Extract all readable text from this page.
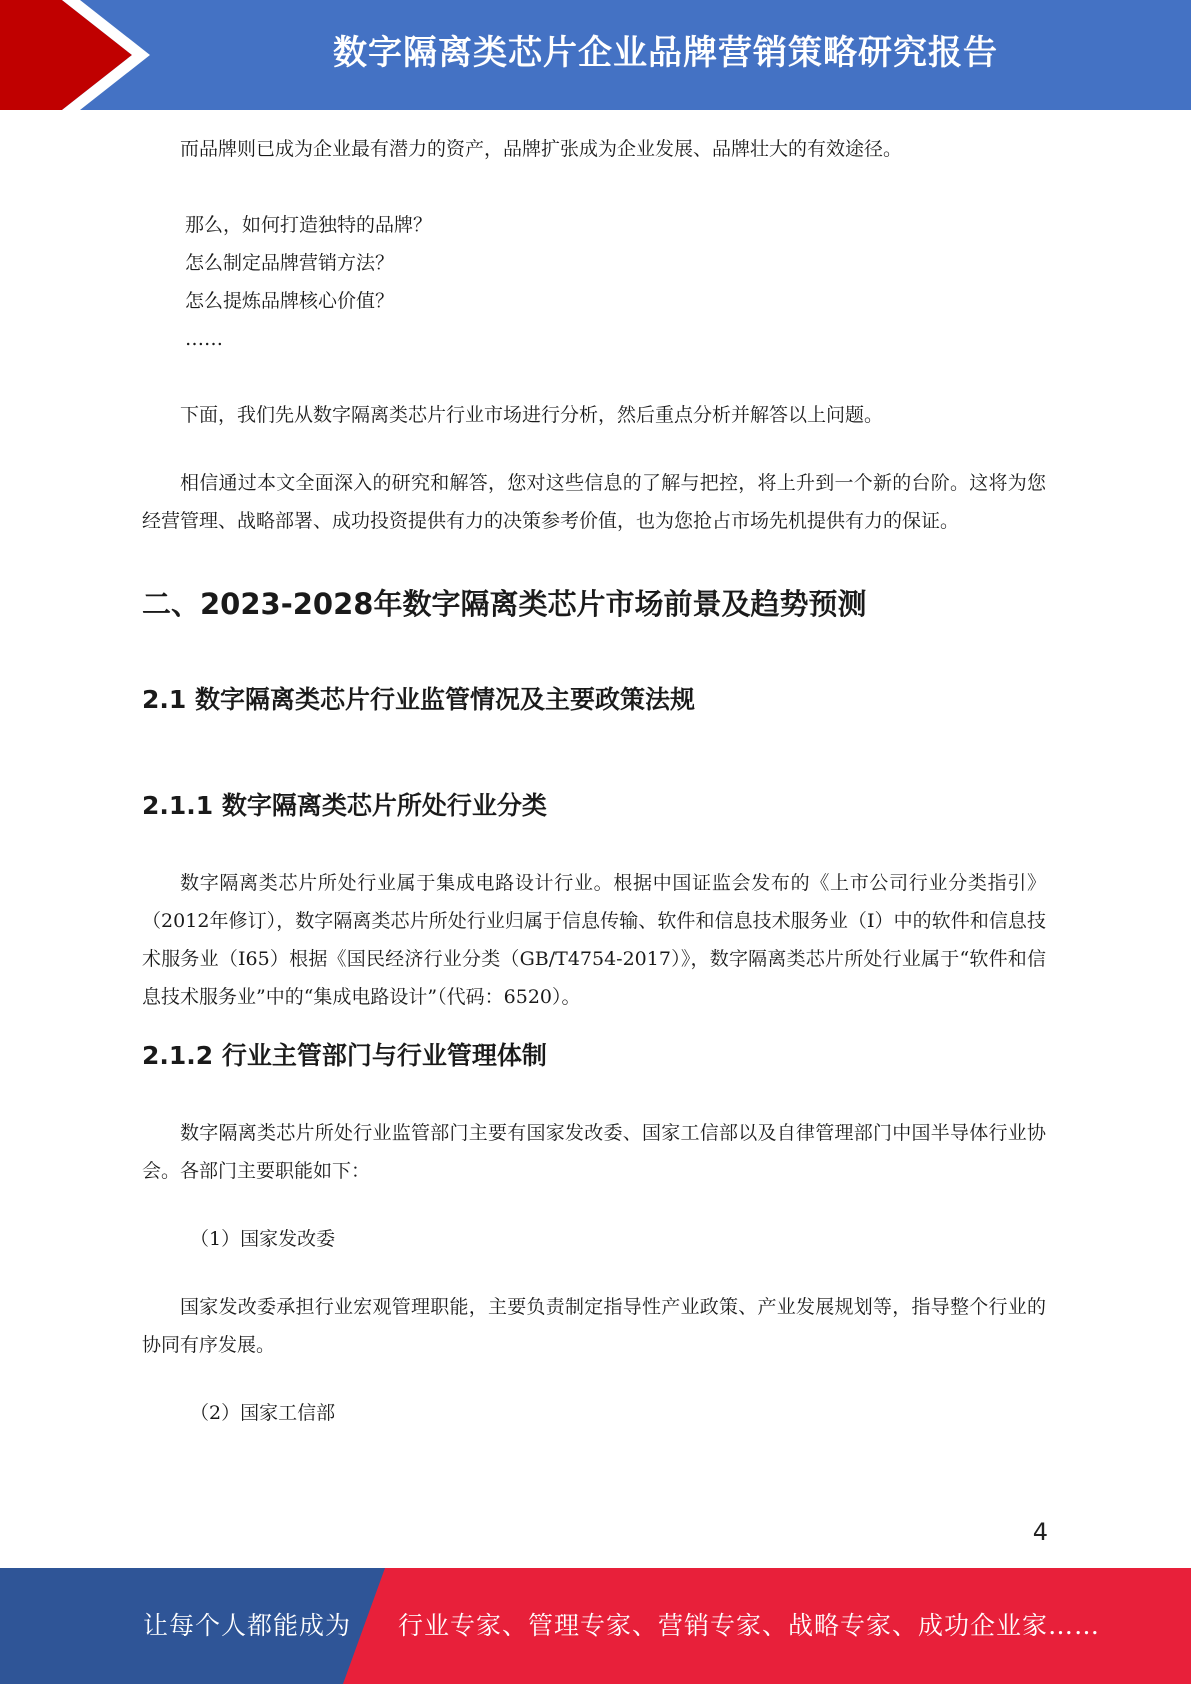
数字隔离类芯片企业品牌营销策略研究报告

而品牌则已成为企业最有潜力的资产，品牌扩张成为企业发展、品牌壮大的有效途径。

那么，如何打造独特的品牌？

怎么制定品牌营销方法？

怎么提炼品牌核心价值？

……

下面，我们先从数字隔离类芯片行业市场进行分析，然后重点分析并解答以上问题。

相信通过本文全面深入的研究和解答，您对这些信息的了解与把控，将上升到一个新的台阶。这将为您经营管理、战略部署、成功投资提供有力的决策参考价值，也为您抢占市场先机提供有力的保证。

二、2023-2028年数字隔离类芯片市场前景及趋势预测
2.1 数字隔离类芯片行业监管情况及主要政策法规
2.1.1 数字隔离类芯片所处行业分类

数字隔离类芯片所处行业属于集成电路设计行业。根据中国证监会发布的《上市公司行业分类指引》（2012年修订），数字隔离类芯片所处行业归属于信息传输、软件和信息技术服务业（I）中的软件和信息技术服务业（I65）根据《国民经济行业分类（GB/T4754-2017）》，数字隔离类芯片所处行业属于“软件和信息技术服务业”中的“集成电路设计”（代码：6520）。

2.1.2 行业主管部门与行业管理体制

数字隔离类芯片所处行业监管部门主要有国家发改委、国家工信部以及自律管理部门中国半导体行业协会。各部门主要职能如下：

（1）国家发改委

国家发改委承担行业宏观管理职能，主要负责制定指导性产业政策、产业发展规划等，指导整个行业的协同有序发展。

（2）国家工信部

4
让每个人都能成为 行业专家、管理专家、营销专家、战略专家、成功企业家……
